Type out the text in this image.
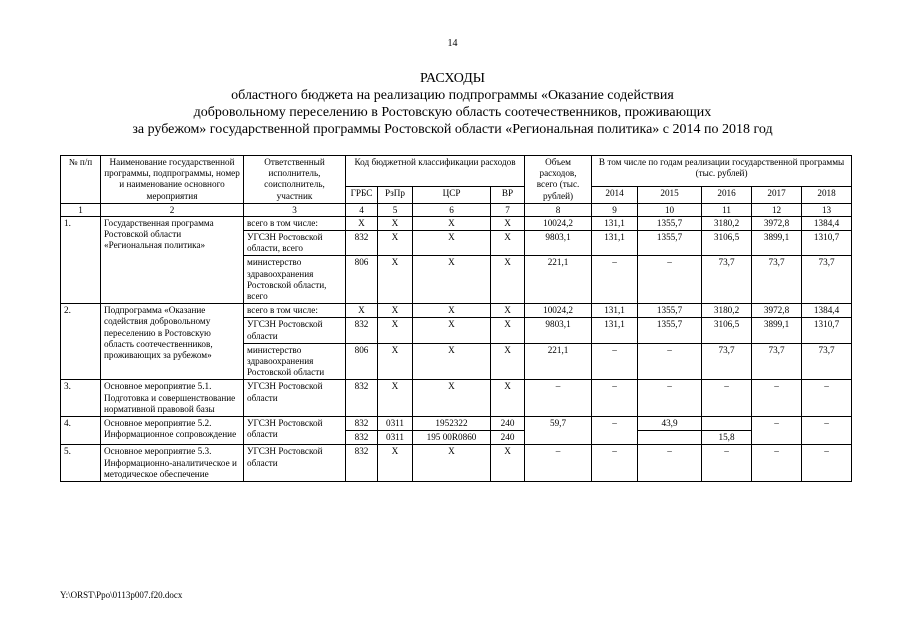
14
РАСХОДЫ
областного бюджета на реализацию подпрограммы «Оказание содействия
добровольному переселению в Ростовскую область соотечественников, проживающих
за рубежом» государственной программы Ростовской области «Региональная политика» с 2014 по 2018 год
№ п/п	Наименование государственной программы, подпрограммы, номер и наименование основного мероприятия	Ответственный исполнитель, соисполнитель, участник	Код бюджетной классификации расходов				Объем расходов, всего (тыс. рублей)	В том числе по годам реализации государственной программы (тыс. рублей)				
			ГРБС	РзПр	ЦСР	ВР		2014	2015	2016	2017	2018
1	2	3	4	5	6	7	8	9	10	11	12	13
1.	Государственная программа Ростовской области «Региональная политика»	всего в том числе:	Х	Х	Х	Х	10024,2	131,1	1355,7	3180,2	3972,8	1384,4
		УГСЗН Ростовской области, всего	832	Х	Х	Х	9803,1	131,1	1355,7	3106,5	3899,1	1310,7
		министерство здравоохранения Ростовской области, всего	806	Х	Х	Х	221,1	–	–	73,7	73,7	73,7
2.	Подпрограмма «Оказание содействия добровольному переселению в Ростовскую область соотечественников, проживающих за рубежом»	всего в том числе:	Х	Х	Х	Х	10024,2	131,1	1355,7	3180,2	3972,8	1384,4
		УГСЗН Ростовской области	832	Х	Х	Х	9803,1	131,1	1355,7	3106,5	3899,1	1310,7
		министерство здравоохранения Ростовской области	806	Х	Х	Х	221,1	–	–	73,7	73,7	73,7
3.	Основное мероприятие 5.1. Подготовка и совершенствование нормативной правовой базы	УГСЗН Ростовской области	832	Х	Х	Х	–	–	–	–	–	–
4.	Основное мероприятие 5.2. Информационное сопровождение	УГСЗН Ростовской области	832	0311	1952322	240	59,7	–	43,9		–	–
			832	0311	195 00R0860	240				15,8		
5.	Основное мероприятие 5.3. Информационно-аналитическое и методическое обеспечение	УГСЗН Ростовской области	832	Х	Х	Х	–	–	–	–	–	–
Y:\ORST\Ppo\0113p007.f20.docx
